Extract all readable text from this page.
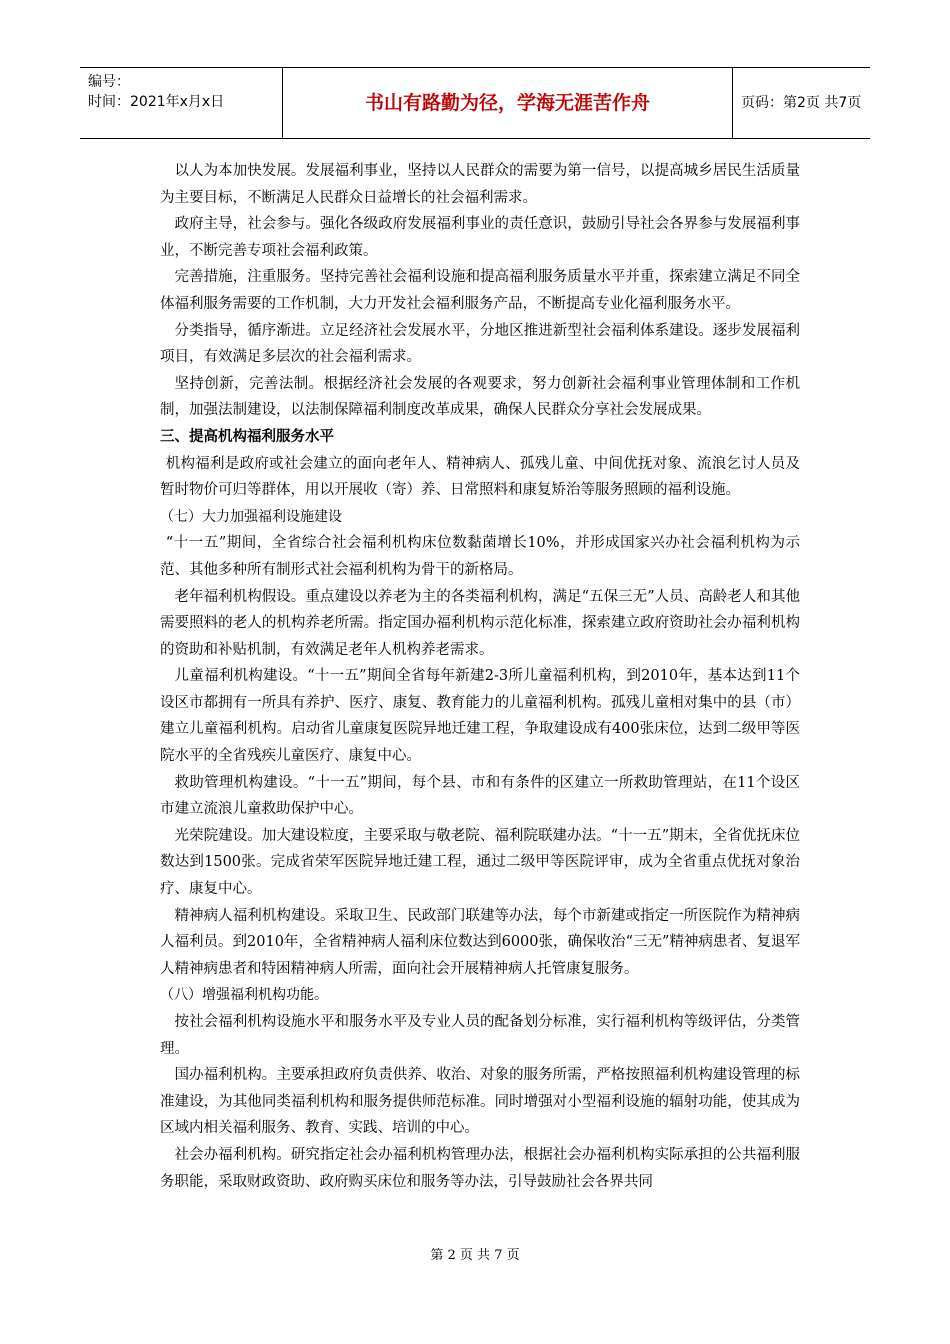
编号：
时间：2021年x月x日	书山有路勤为径，学海无涯苦作舟	页码：第2页 共7页

以人为本加快发展。发展福利事业，坚持以人民群众的需要为第一信号，以提高城乡居民生活质量为主要目标，不断满足人民群众日益增长的社会福利需求。

政府主导，社会参与。强化各级政府发展福利事业的责任意识，鼓励引导社会各界参与发展福利事业，不断完善专项社会福利政策。

完善措施，注重服务。坚持完善社会福利设施和提高福利服务质量水平并重，探索建立满足不同全体福利服务需要的工作机制，大力开发社会福利服务产品，不断提高专业化福利服务水平。

分类指导，循序渐进。立足经济社会发展水平，分地区推进新型社会福利体系建设。逐步发展福利项目，有效满足多层次的社会福利需求。

坚持创新，完善法制。根据经济社会发展的各观要求，努力创新社会福利事业管理体制和工作机制，加强法制建设，以法制保障福利制度改革成果，确保人民群众分享社会发展成果。

三、提高机构福利服务水平

机构福利是政府或社会建立的面向老年人、精神病人、孤残儿童、中间优抚对象、流浪乞讨人员及暂时物价可归等群体，用以开展收（寄）养、日常照料和康复矫治等服务照顾的福利设施。

（七）大力加强福利设施建设

“十一五”期间，全省综合社会福利机构床位数黏菌增长10%，并形成国家兴办社会福利机构为示范、其他多种所有制形式社会福利机构为骨干的新格局。

老年福利机构假设。重点建设以养老为主的各类福利机构，满足“五保三无”人员、高龄老人和其他需要照料的老人的机构养老所需。指定国办福利机构示范化标准，探索建立政府资助社会办福利机构的资助和补贴机制，有效满足老年人机构养老需求。

儿童福利机构建设。“十一五”期间全省每年新建2-3所儿童福利机构，到2010年，基本达到11个设区市都拥有一所具有养护、医疗、康复、教育能力的儿童福利机构。孤残儿童相对集中的县（市）建立儿童福利机构。启动省儿童康复医院异地迁建工程，争取建设成有400张床位，达到二级甲等医院水平的全省残疾儿童医疗、康复中心。

救助管理机构建设。“十一五”期间，每个县、市和有条件的区建立一所救助管理站，在11个设区市建立流浪儿童救助保护中心。

光荣院建设。加大建设粒度，主要采取与敬老院、福利院联建办法。“十一五”期末，全省优抚床位数达到1500张。完成省荣军医院异地迁建工程，通过二级甲等医院评审，成为全省重点优抚对象治疗、康复中心。

精神病人福利机构建设。采取卫生、民政部门联建等办法，每个市新建或指定一所医院作为精神病人福利员。到2010年，全省精神病人福利床位数达到6000张，确保收治“三无”精神病患者、复退军人精神病患者和特困精神病人所需，面向社会开展精神病人托管康复服务。

（八）增强福利机构功能。

按社会福利机构设施水平和服务水平及专业人员的配备划分标准，实行福利机构等级评估，分类管理。

国办福利机构。主要承担政府负责供养、收治、对象的服务所需，严格按照福利机构建设管理的标准建设，为其他同类福利机构和服务提供师范标准。同时增强对小型福利设施的辐射功能，使其成为区域内相关福利服务、教育、实践、培训的中心。

社会办福利机构。研究指定社会办福利机构管理办法，根据社会办福利机构实际承担的公共福利服务职能，采取财政资助、政府购买床位和服务等办法，引导鼓励社会各界共同

第 2 页 共 7 页
